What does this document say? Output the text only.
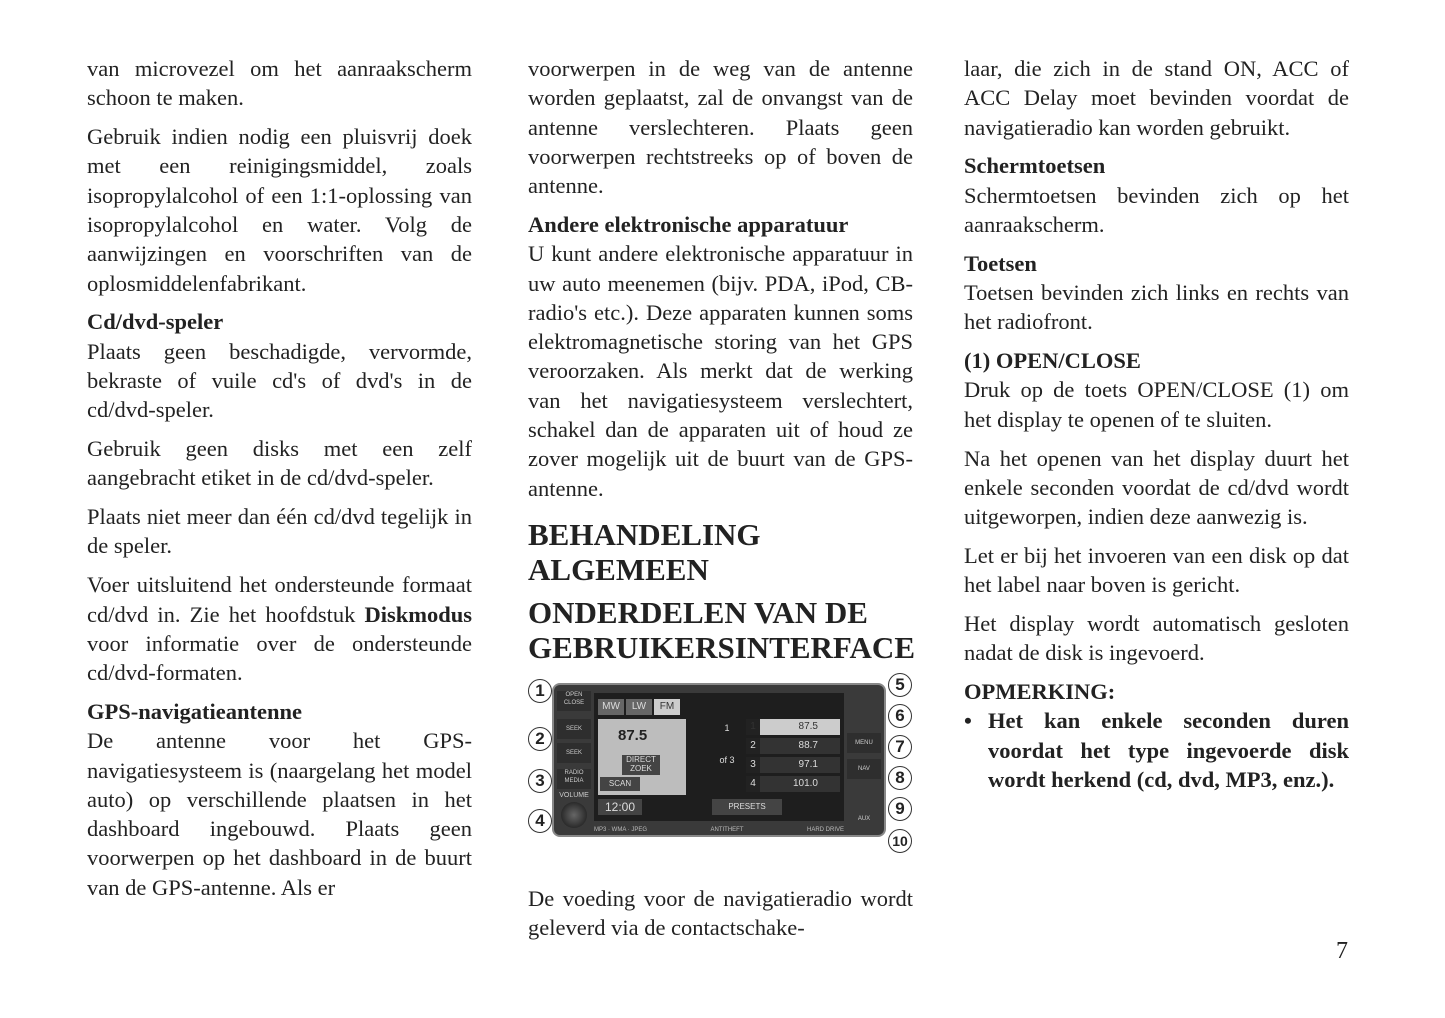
van microvezel om het aanraakscherm schoon te maken.

Gebruik indien nodig een pluisvrij doek met een reinigingsmiddel, zoals isopropylalcohol of een 1:1-oplossing van isopropylalcohol en water. Volg de aanwijzingen en voorschriften van de oplosmiddelenfabrikant.

Cd/dvd-speler

Plaats geen beschadigde, vervormde, bekraste of vuile cd's of dvd's in de cd/dvd-speler.

Gebruik geen disks met een zelf aangebracht etiket in de cd/dvd-speler.

Plaats niet meer dan één cd/dvd tegelijk in de speler.

Voer uitsluitend het ondersteunde formaat cd/dvd in. Zie het hoofdstuk Diskmodus voor informatie over de ondersteunde cd/dvd-formaten.

GPS-navigatieantenne

De antenne voor het GPS-navigatiesysteem is (naargelang het model auto) op verschillende plaatsen in het dashboard ingebouwd. Plaats geen voorwerpen op het dashboard in de buurt van de GPS-antenne. Als er

voorwerpen in de weg van de antenne worden geplaatst, zal de onvangst van de antenne verslechteren. Plaats geen voorwerpen rechtstreeks op of boven de antenne.

Andere elektronische apparatuur

U kunt andere elektronische apparatuur in uw auto meenemen (bijv. PDA, iPod, CB-radio's etc.). Deze apparaten kunnen soms elektromagnetische storing van het GPS veroorzaken. Als merkt dat de werking van het navigatiesysteem verslechtert, schakel dan de apparaten uit of houd ze zover mogelijk uit de buurt van de GPS-antenne.

BEHANDELING ALGEMEEN
ONDERDELEN VAN DE GEBRUIKERSINTERFACE
OPEN CLOSE
SEEK
SEEK
RADIO MEDIA
VOLUME
MW	LW	FM
87.5
DIRECT ZOEK
SCAN
12:00
1
of 3
PRESETS
1	87.5
2	88.7
3	97.1
4	101.0
MENU
NAV
AUX
MP3 · WMA · JPEG	ANTITHEFT	HARD DRIVE
1
2
3
4
5
6
7
8
9
10

De voeding voor de navigatieradio wordt geleverd via de contactschake-

laar, die zich in de stand ON, ACC of ACC Delay moet bevinden voordat de navigatieradio kan worden gebruikt.

Schermtoetsen

Schermtoetsen bevinden zich op het aanraakscherm.

Toetsen

Toetsen bevinden zich links en rechts van het radiofront.

(1) OPEN/CLOSE

Druk op de toets OPEN/CLOSE (1) om het display te openen of te sluiten.

Na het openen van het display duurt het enkele seconden voordat de cd/dvd wordt uitgeworpen, indien deze aanwezig is.

Let er bij het invoeren van een disk op dat het label naar boven is gericht.

Het display wordt automatisch gesloten nadat de disk is ingevoerd.

OPMERKING:
• Het kan enkele seconden duren voordat het type ingevoerde disk wordt herkend (cd, dvd, MP3, enz.).
7
